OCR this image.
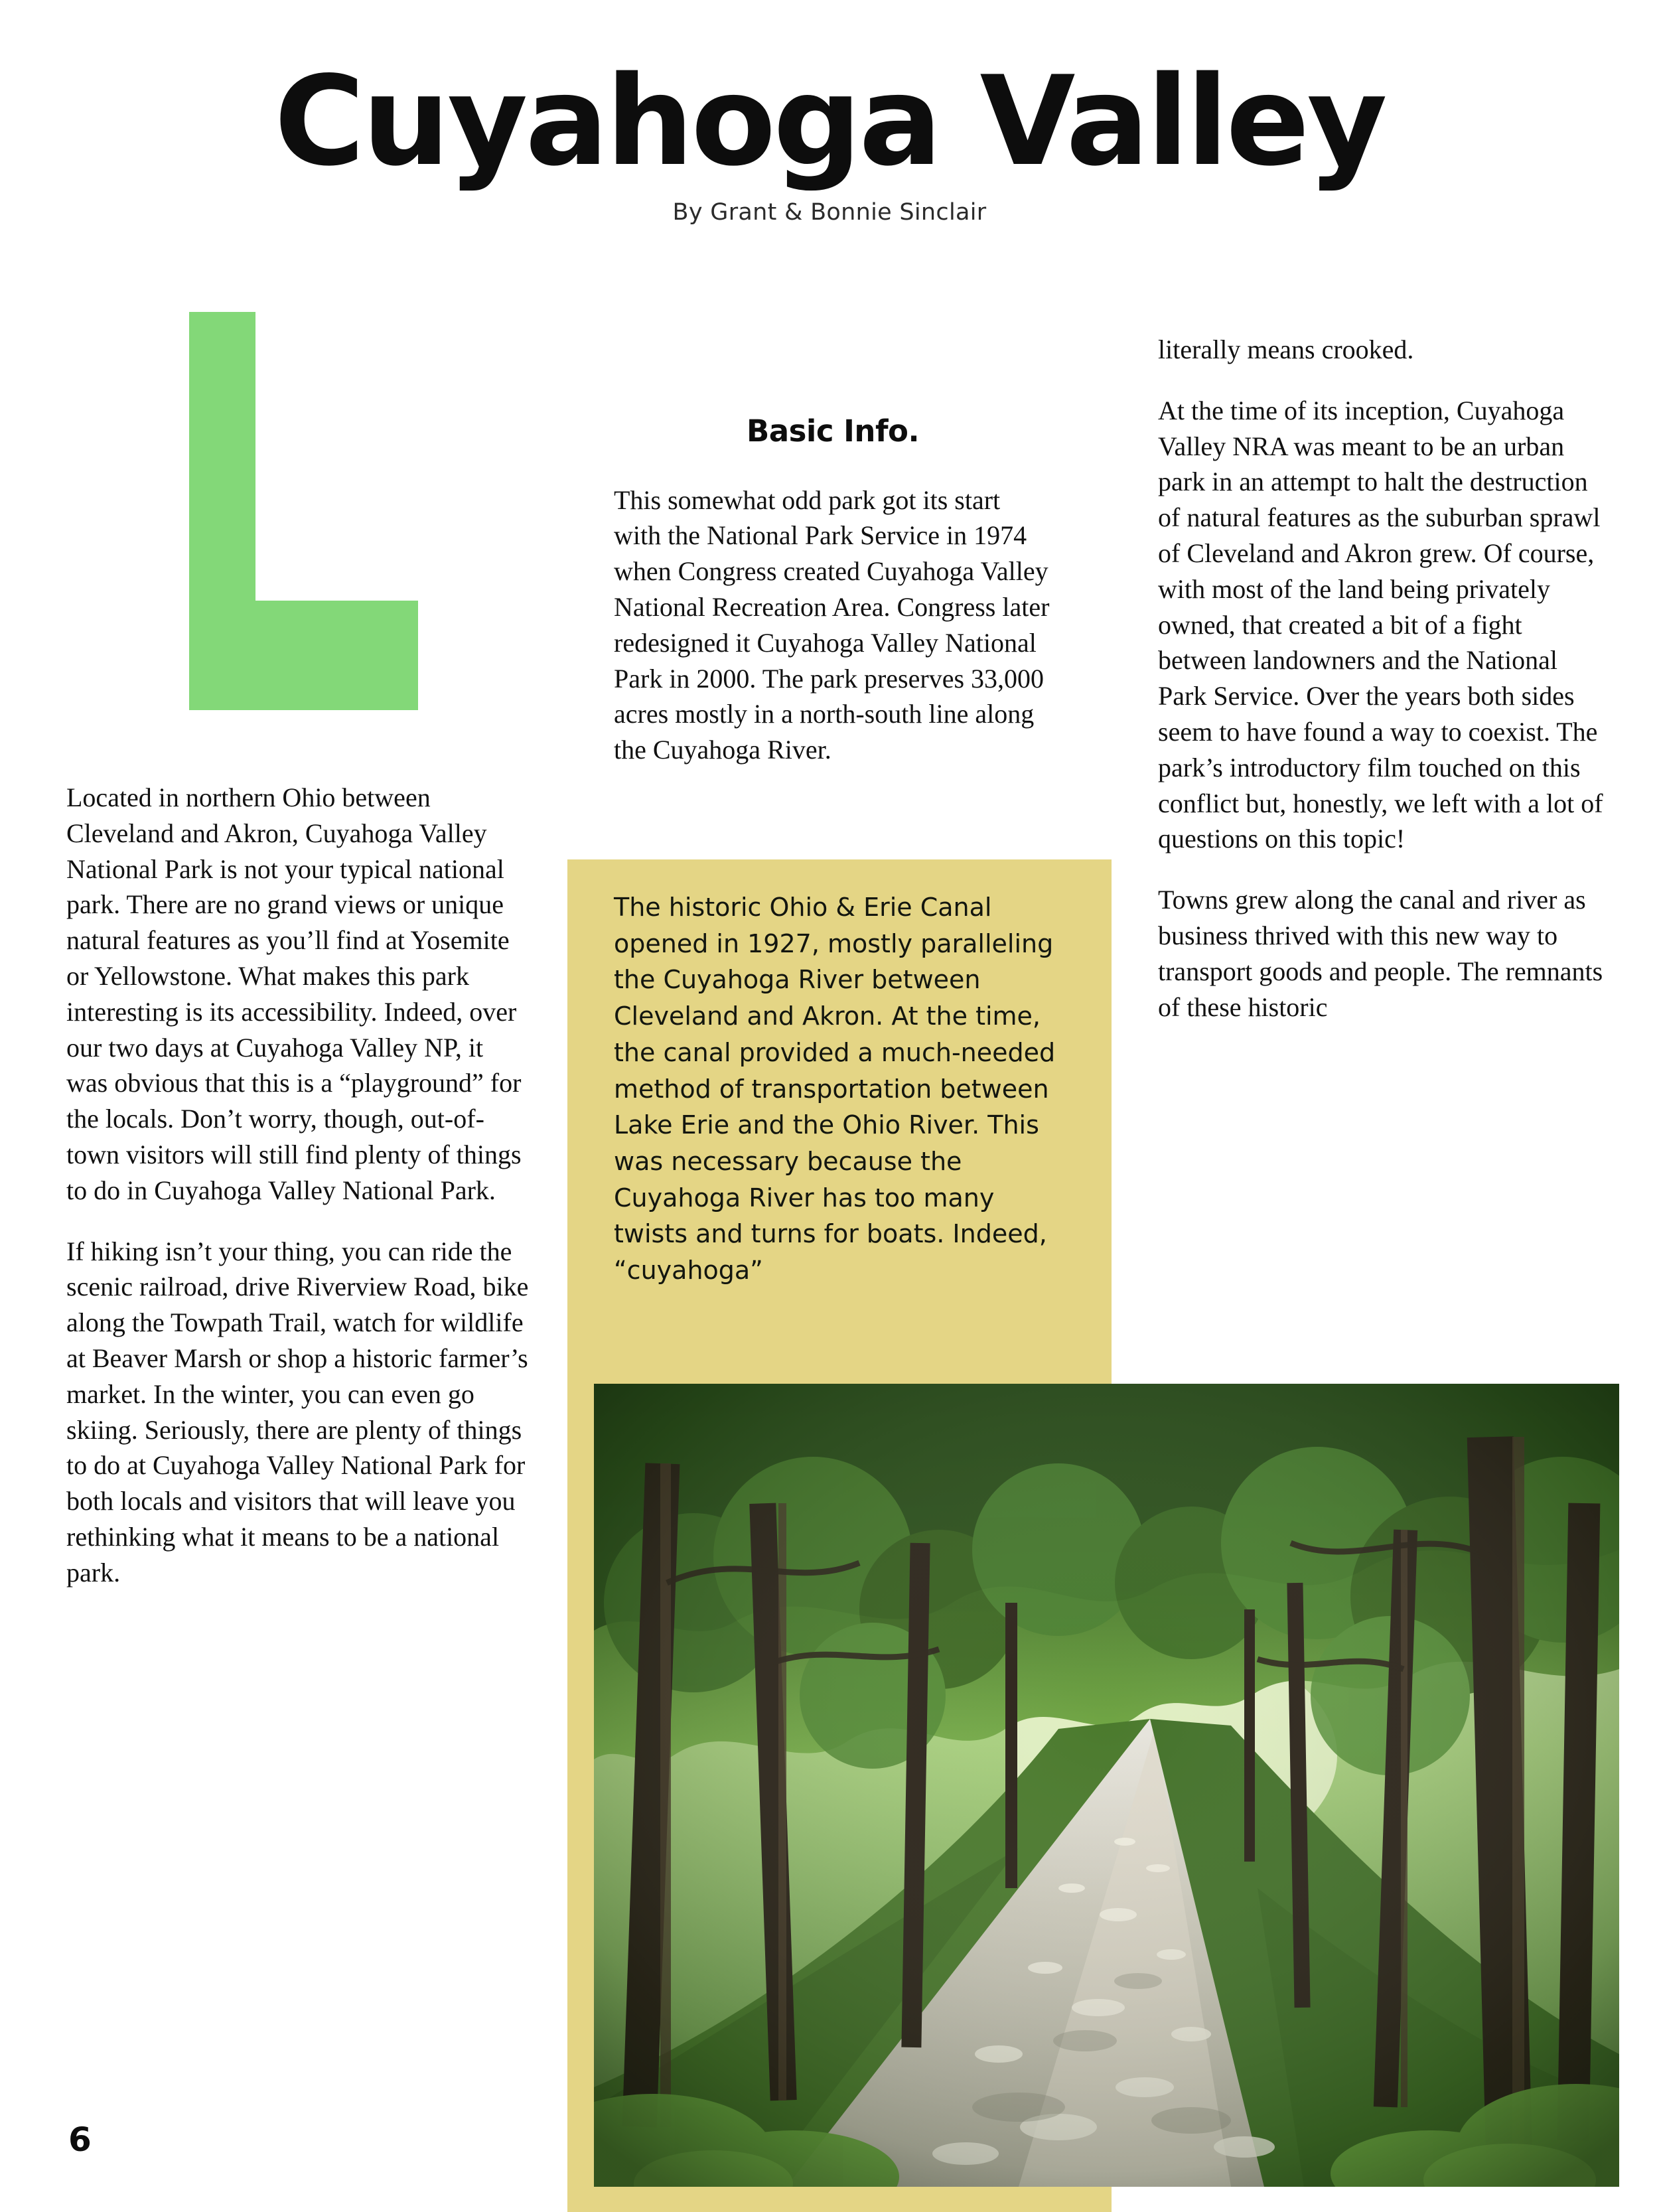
Cuyahoga Valley
By Grant & Bonnie Sinclair

Located in northern Ohio between Cleveland and Akron, Cuyahoga Valley National Park is not your typical national park. There are no grand views or unique natural features as you’ll find at Yosemite or Yellowstone. What makes this park interesting is its accessibility. Indeed, over our two days at Cuyahoga Valley NP, it was obvious that this is a “playground” for the locals. Don’t worry, though, out-of-town visitors will still find plenty of things to do in Cuyahoga Valley National Park.

If hiking isn’t your thing, you can ride the scenic railroad, drive Riverview Road, bike along the Towpath Trail, watch for wildlife at Beaver Marsh or shop a historic farmer’s market. In the winter, you can even go skiing. Seriously, there are plenty of things to do at Cuyahoga Valley National Park for both locals and visitors that will leave you rethinking what it means to be a national park.

Basic Info.

This somewhat odd park got its start with the National Park Service in 1974 when Congress created Cuyahoga Valley National Recreation Area. Congress later redesigned it Cuyahoga Valley National Park in 2000. The park preserves 33,000 acres mostly in a north-south line along the Cuyahoga River.

The historic Ohio & Erie Canal opened in 1927, mostly paralleling the Cuyahoga River between Cleveland and Akron. At the time, the canal provided a much-needed method of transportation between Lake Erie and the Ohio River. This was necessary because the Cuyahoga River has too many twists and turns for boats. Indeed, “cuyahoga”

literally means crooked.

At the time of its inception, Cuyahoga Valley NRA was meant to be an urban park in an attempt to halt the destruction of natural features as the suburban sprawl of Cleveland and Akron grew. Of course, with most of the land being privately owned, that created a bit of a fight between landowners and the National Park Service. Over the years both sides seem to have found a way to coexist. The park’s introductory film touched on this conflict but, honestly, we left with a lot of questions on this topic!

Towns grew along the canal and river as business thrived with this new way to transport goods and people. The remnants of these historic

6
